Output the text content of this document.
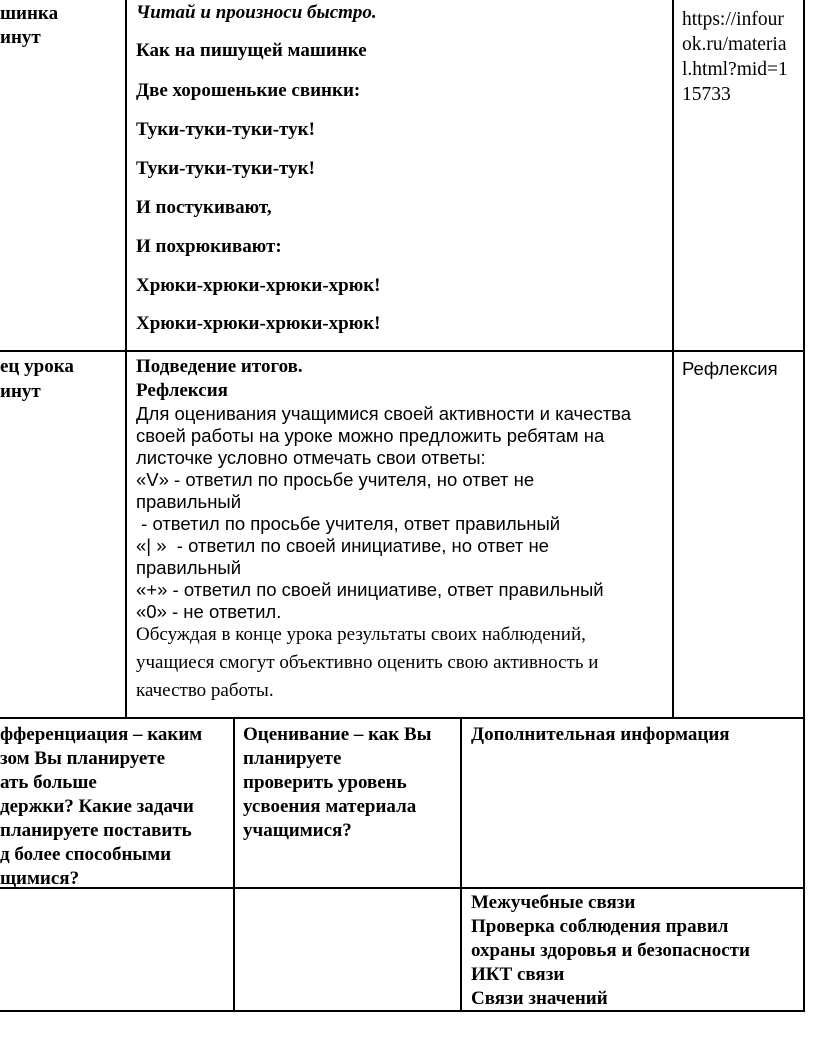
шинка
инут
Читай и произноси быстро.
Как на пишущей машинке
Две хорошенькие свинки:
Туки-туки-туки-тук!
Туки-туки-туки-тук!
И постукивают,
И похрюкивают:
Хрюки-хрюки-хрюки-хрюк!
Хрюки-хрюки-хрюки-хрюк!
https://infour
ok.ru/materia
l.html?mid=1
15733
ец урока
инут
Подведение итогов.
Рефлексия
Для оценивания учащимися своей активности и качества
своей работы на уроке можно предложить ребятам на
листочке условно отмечать свои ответы:
«V» - ответил по просьбе учителя, но ответ не
правильный
- ответил по просьбе учителя, ответ правильный
«| »  - ответил по своей инициативе, но ответ не
правильный
«+» - ответил по своей инициативе, ответ правильный
«0» - не ответил.
Обсуждая в конце урока результаты своих наблюдений,
учащиеся смогут объективно оценить свою активность и
качество работы.
Рефлексия
фференциация – каким
зом Вы планируете
ать больше
держки? Какие задачи
планируете поставить
д более способными
щимися?
Оценивание – как Вы
планируете
проверить уровень
усвоения материала
учащимися?
Дополнительная информация
Межучебные связи
Проверка соблюдения правил
охраны здоровья и безопасности
ИКТ связи
Связи значений
